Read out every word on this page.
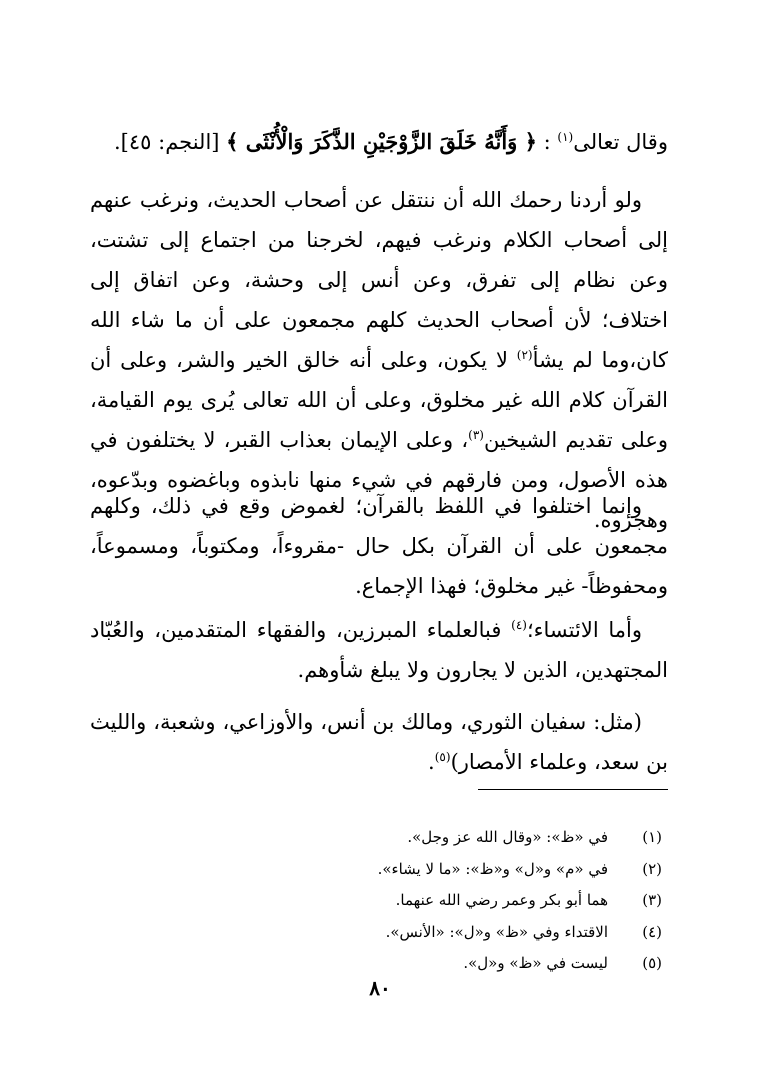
وقال تعالى$^{(١)}$ : ﴿ وَأَنَّهُ خَلَقَ الزَّوْجَيْنِ الذَّكَرَ وَالْأُنْثَى ﴾ [النجم: ٤٥].

ولو أردنا رحمك الله أن ننتقل عن أصحاب الحديث، ونرغب عنهم إلى أصحاب الكلام ونرغب فيهم، لخرجنا من اجتماع إلى تشتت، وعن نظام إلى تفرق، وعن أنس إلى وحشة، وعن اتفاق إلى اختلاف؛ لأن أصحاب الحديث كلهم مجمعون على أن ما شاء الله كان،وما لم يشأ$^{(٢)}$ لا يكون، وعلى أنه خالق الخير والشر، وعلى أن القرآن كلام الله غير مخلوق، وعلى أن الله تعالى يُرى يوم القيامة، وعلى تقديم الشيخين$^{(٣)}$، وعلى الإيمان بعذاب القبر، لا يختلفون في هذه الأصول، ومن فارقهم في شيء منها نابذوه وباغضوه وبدّعوه، وهجروه.

وإنما اختلفوا في اللفظ بالقرآن؛ لغموض وقع في ذلك، وكلهم مجمعون على أن القرآن بكل حال -مقروءاً، ومكتوباً، ومسموعاً، ومحفوظاً- غير مخلوق؛ فهذا الإجماع.

وأما الائتساء؛$^{(٤)}$ فبالعلماء المبرزين، والفقهاء المتقدمين، والعُبّاد المجتهدين، الذين لا يجارون ولا يبلغ شأوهم.

(مثل: سفيان الثوري، ومالك بن أنس، والأوزاعي، وشعبة، والليث بن سعد، وعلماء الأمصار)$^{(٥)}$.

(١)
في «ظ»: «وقال الله عز وجل».
(٢)
في «م» و«ل» و«ظ»: «ما لا يشاء».
(٣)
هما أبو بكر وعمر رضي الله عنهما.
(٤)
الاقتداء وفي «ظ» و«ل»: «الأنس».
(٥)
ليست في «ظ» و«ل».
٨٠
